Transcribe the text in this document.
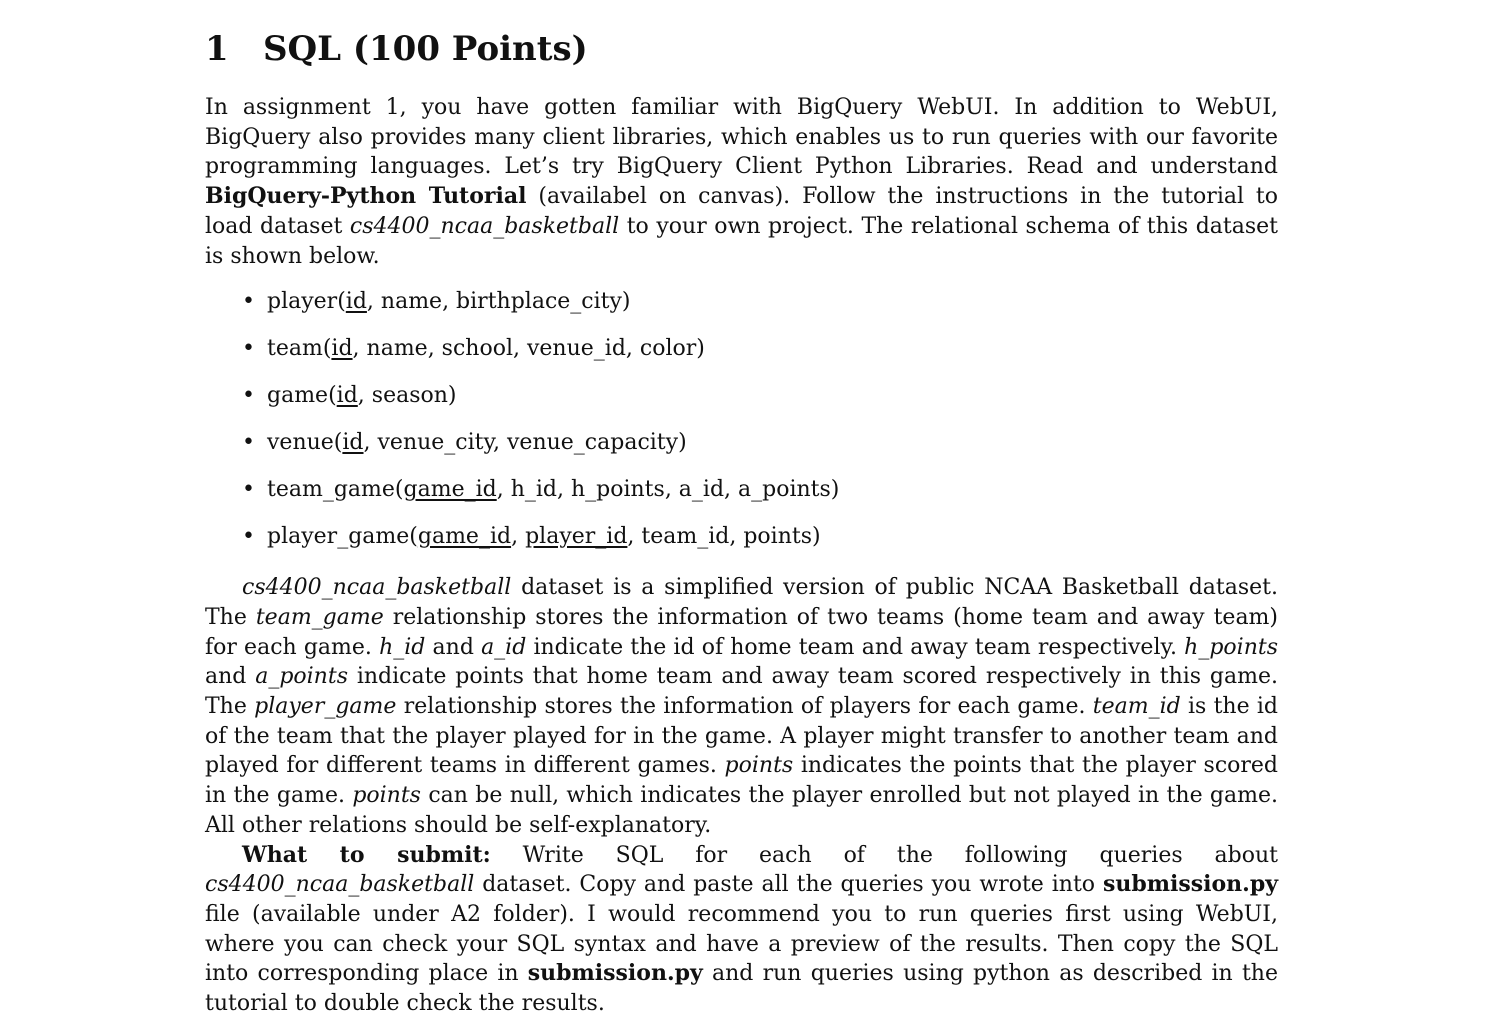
1 SQL (100 Points)

In assignment 1, you have gotten familiar with BigQuery WebUI. In addition to WebUI, BigQuery also provides many client libraries, which enables us to run queries with our favorite programming languages. Let’s try BigQuery Client Python Libraries. Read and understand BigQuery-Python Tutorial (availabel on canvas). Follow the instructions in the tutorial to load dataset cs4400_ncaa_basketball to your own project. The relational schema of this dataset is shown below.

• player(id, name, birthplace_city)
• team(id, name, school, venue_id, color)
• game(id, season)
• venue(id, venue_city, venue_capacity)
• team_game(game_id, h_id, h_points, a_id, a_points)
• player_game(game_id, player_id, team_id, points)

cs4400_ncaa_basketball dataset is a simplified version of public NCAA Basketball dataset. The team_game relationship stores the information of two teams (home team and away team) for each game. h_id and a_id indicate the id of home team and away team respectively. h_points and a_points indicate points that home team and away team scored respectively in this game. The player_game relationship stores the information of players for each game. team_id is the id of the team that the player played for in the game. A player might transfer to another team and played for different teams in different games. points indicates the points that the player scored in the game. points can be null, which indicates the player enrolled but not played in the game. All other relations should be self-explanatory.

What to submit: Write SQL for each of the following queries about cs4400_ncaa_basketball dataset. Copy and paste all the queries you wrote into submission.py file (available under A2 folder). I would recommend you to run queries first using WebUI, where you can check your SQL syntax and have a preview of the results. Then copy the SQL into corresponding place in submission.py and run queries using python as described in the tutorial to double check the results.
